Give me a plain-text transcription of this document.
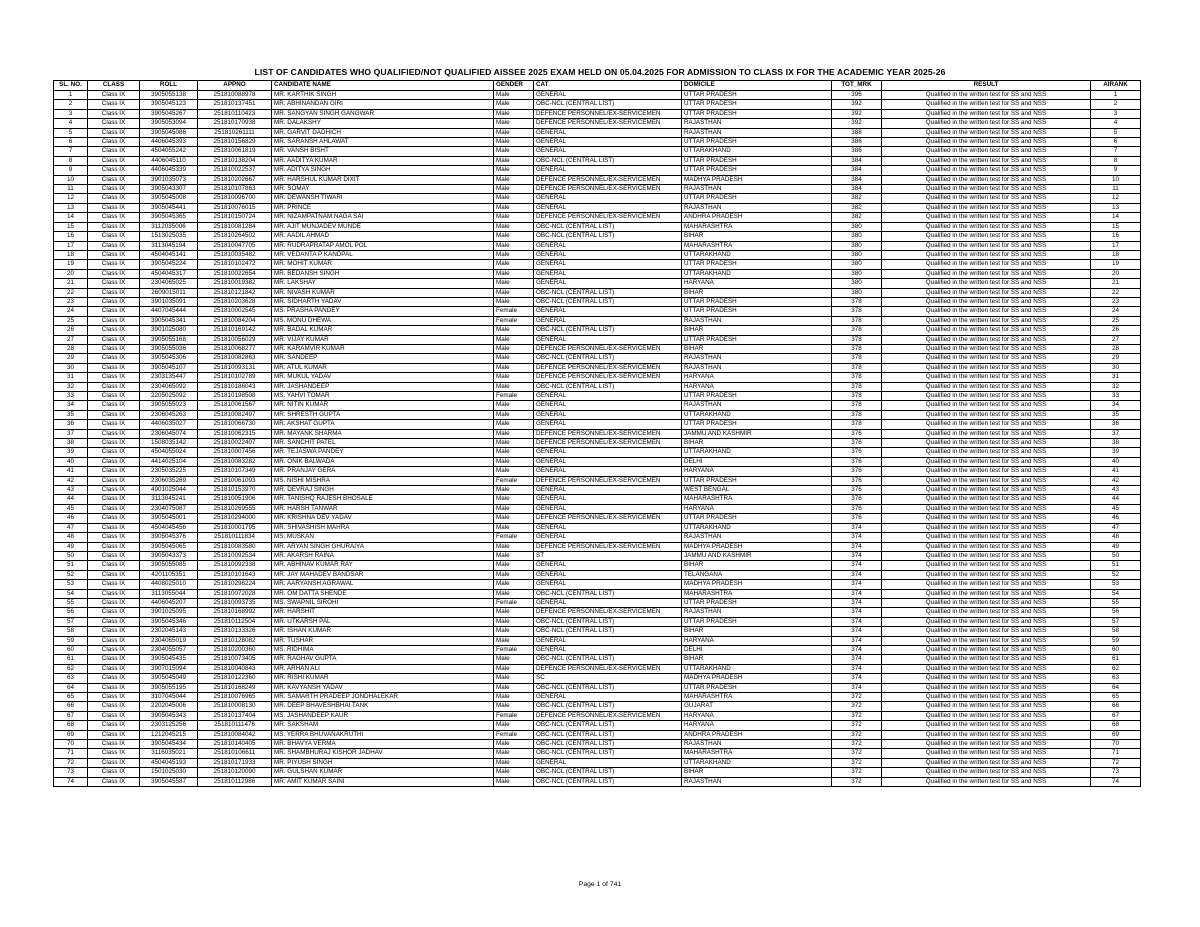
LIST OF CANDIDATES WHO QUALIFIED/NOT QUALIFIED AISSEE 2025 EXAM HELD ON 05.04.2025 FOR ADMISSION TO CLASS IX FOR THE ACADEMIC YEAR 2025-26
SL. NO.	CLASS	ROLL	APPNO	CANDIDATE NAME	GENDER	CAT	DOMICILE	TOT_MRK	RESULT	AIRANK
1	Class IX	3905055138	251810088978	MR. KARTHIK SINGH	Male	GENERAL	UTTAR PRADESH	396	Qualified in the written test for SS and NSS	1
2	Class IX	3905045123	251810137451	MR. ABHINANDAN GIRI	Male	OBC-NCL (CENTRAL LIST)	UTTAR PRADESH	392	Qualified in the written test for SS and NSS	2
3	Class IX	3905045267	251810110423	MR. SANGYAN SINGH GANGWAR	Male	DEFENCE PERSONNEL/EX-SERVICEMEN	UTTAR PRADESH	392	Qualified in the written test for SS and NSS	3
4	Class IX	3905053094	251810170938	MR. DALAKSHY	Male	DEFENCE PERSONNEL/EX-SERVICEMEN	RAJASTHAN	392	Qualified in the written test for SS and NSS	4
5	Class IX	3905045086	251810261111	MR. GARVIT DADHICH	Male	GENERAL	RAJASTHAN	388	Qualified in the written test for SS and NSS	5
6	Class IX	4406045393	251810156829	MR. SARANSH AHLAWAT	Male	GENERAL	UTTAR PRADESH	386	Qualified in the written test for SS and NSS	6
7	Class IX	4504055242	251810061819	MR. VANSH BISHT	Male	GENERAL	UTTARAKHAND	386	Qualified in the written test for SS and NSS	7
8	Class IX	4406045110	251810138204	MR. AADITYA KUMAR	Male	OBC-NCL (CENTRAL LIST)	UTTAR PRADESH	384	Qualified in the written test for SS and NSS	8
9	Class IX	4406045339	251810022537	MR. ADITYA SINGH	Male	GENERAL	UTTAR PRADESH	384	Qualified in the written test for SS and NSS	9
10	Class IX	3901035073	251810202667	MR. HARSHUL KUMAR DIXIT	Male	DEFENCE PERSONNEL/EX-SERVICEMEN	MADHYA PRADESH	384	Qualified in the written test for SS and NSS	10
11	Class IX	3905043307	251810107863	MR. SOMAY	Male	DEFENCE PERSONNEL/EX-SERVICEMEN	RAJASTHAN	384	Qualified in the written test for SS and NSS	11
12	Class IX	3905045008	251810096700	MR. DEWANSH TIWARI	Male	GENERAL	UTTAR PRADESH	382	Qualified in the written test for SS and NSS	12
13	Class IX	3905045441	251810076015	MR. PRINCE	Male	GENERAL	RAJASTHAN	382	Qualified in the written test for SS and NSS	13
14	Class IX	3905045365	251810150724	MR. NIZAMPATNAM NAGA SAI	Male	DEFENCE PERSONNEL/EX-SERVICEMEN	ANDHRA PRADESH	382	Qualified in the written test for SS and NSS	14
15	Class IX	3112035006	251810081284	MR. AJIT MUNJADEV MUNDE	Male	OBC-NCL (CENTRAL LIST)	MAHARASHTRA	380	Qualified in the written test for SS and NSS	15
16	Class IX	1513025035	251810264502	MR. AADIL AHMAD	Male	OBC-NCL (CENTRAL LIST)	BIHAR	380	Qualified in the written test for SS and NSS	16
17	Class IX	3113045194	251810047705	MR. RUDRAPRATAP AMOL POL	Male	GENERAL	MAHARASHTRA	380	Qualified in the written test for SS and NSS	17
18	Class IX	4504045141	251810035482	MR. VEDANTA P KANDPAL	Male	GENERAL	UTTARAKHAND	380	Qualified in the written test for SS and NSS	18
19	Class IX	3905045224	251810102472	MR. MOHIT KUMAR	Male	GENERAL	UTTAR PRADESH	380	Qualified in the written test for SS and NSS	19
20	Class IX	4504045317	251810022654	MR. BEDANSH SINGH	Male	GENERAL	UTTARAKHAND	380	Qualified in the written test for SS and NSS	20
21	Class IX	2304065025	251810019382	MR. LAKSHAY	Male	GENERAL	HARYANA	380	Qualified in the written test for SS and NSS	21
22	Class IX	2609015011	251810121842	MR. NIVASH KUMAR	Male	OBC-NCL (CENTRAL LIST)	BIHAR	380	Qualified in the written test for SS and NSS	22
23	Class IX	3901035091	251810203628	MR. SIDHARTH YADAV	Male	OBC-NCL (CENTRAL LIST)	UTTAR PRADESH	378	Qualified in the written test for SS and NSS	23
24	Class IX	4407045444	251810002545	MS. PRASHA PANDEY	Female	GENERAL	UTTAR PRADESH	378	Qualified in the written test for SS and NSS	24
25	Class IX	3905045341	251810084204	MS. MONU DHEWA	Female	GENERAL	RAJASTHAN	378	Qualified in the written test for SS and NSS	25
26	Class IX	3901025080	251810169142	MR. BADAL KUMAR	Male	OBC-NCL (CENTRAL LIST)	BIHAR	378	Qualified in the written test for SS and NSS	26
27	Class IX	3905055168	251810056029	MR. VIJAY KUMAR	Male	GENERAL	UTTAR PRADESH	378	Qualified in the written test for SS and NSS	27
28	Class IX	3905055036	251810068277	MR. KARAMVIR KUMAR	Male	DEFENCE PERSONNEL/EX-SERVICEMEN	BIHAR	378	Qualified in the written test for SS and NSS	28
29	Class IX	3905045306	251810082863	MR. SANDEEP	Male	OBC-NCL (CENTRAL LIST)	RAJASTHAN	378	Qualified in the written test for SS and NSS	29
30	Class IX	3905045107	251810093131	MR. ATUL KUMAR	Male	DEFENCE PERSONNEL/EX-SERVICEMEN	RAJASTHAN	378	Qualified in the written test for SS and NSS	30
31	Class IX	2303135447	251810102789	MR. MUKUL YADAV	Male	DEFENCE PERSONNEL/EX-SERVICEMEN	HARYANA	378	Qualified in the written test for SS and NSS	31
32	Class IX	2304065092	251810186043	MR. JASHANDEEP	Male	OBC-NCL (CENTRAL LIST)	HARYANA	378	Qualified in the written test for SS and NSS	32
33	Class IX	2205025092	251810198508	MS. YAHVI TOMAR	Female	GENERAL	UTTAR PRADESH	378	Qualified in the written test for SS and NSS	33
34	Class IX	3905055023	251810061567	MR. NITIN KUMAR	Male	GENERAL	RAJASTHAN	378	Qualified in the written test for SS and NSS	34
35	Class IX	2306045263	251810082497	MR. SHRESTH GUPTA	Male	GENERAL	UTTARAKHAND	378	Qualified in the written test for SS and NSS	35
36	Class IX	4406035027	251810066730	MR. AKSHAT GUPTA	Male	GENERAL	UTTAR PRADESH	378	Qualified in the written test for SS and NSS	36
37	Class IX	2306045074	251810062315	MR. MAYANK SHARMA	Male	DEFENCE PERSONNEL/EX-SERVICEMEN	JAMMU AND KASHMIR	376	Qualified in the written test for SS and NSS	37
38	Class IX	1508035142	251810022407	MR. SANCHIT PATEL	Male	DEFENCE PERSONNEL/EX-SERVICEMEN	BIHAR	376	Qualified in the written test for SS and NSS	38
39	Class IX	4504055024	251810007456	MR. TEJASWA PANDEY	Male	GENERAL	UTTARAKHAND	376	Qualified in the written test for SS and NSS	39
40	Class IX	4414025104	251810083282	MR. ONIK BALWADA	Male	GENERAL	DELHI	376	Qualified in the written test for SS and NSS	40
41	Class IX	2305035225	251810107349	MR. PRANJAY GERA	Male	GENERAL	HARYANA	376	Qualified in the written test for SS and NSS	41
42	Class IX	2306035269	251810061093	MS. NISHI MISHRA	Female	DEFENCE PERSONNEL/EX-SERVICEMEN	UTTAR PRADESH	376	Qualified in the written test for SS and NSS	42
43	Class IX	4901025044	251810153970	MR. DEVRAJ SINGH	Male	GENERAL	WEST BENGAL	376	Qualified in the written test for SS and NSS	43
44	Class IX	3113045241	251810051906	MR. TANISHQ RAJESH BHOSALE	Male	GENERAL	MAHARASHTRA	376	Qualified in the written test for SS and NSS	44
45	Class IX	2304075087	251810269555	MR. HARSH TANWAR	Male	GENERAL	HARYANA	376	Qualified in the written test for SS and NSS	45
46	Class IX	3905045001	251810294000	MR. KRISHNA DEV YADAV	Male	DEFENCE PERSONNEL/EX-SERVICEMEN	UTTAR PRADESH	376	Qualified in the written test for SS and NSS	46
47	Class IX	4504045456	251810001795	MR. SHIVASHISH MAHRA	Male	GENERAL	UTTARAKHAND	374	Qualified in the written test for SS and NSS	47
48	Class IX	3905045376	251810111834	MS. MUSKAN	Female	GENERAL	RAJASTHAN	374	Qualified in the written test for SS and NSS	48
49	Class IX	3905045065	251810083580	MR. ARYAN SINGH GHURAIYA	Male	DEFENCE PERSONNEL/EX-SERVICEMEN	MADHYA PRADESH	374	Qualified in the written test for SS and NSS	49
50	Class IX	3905043373	251810092534	MR. AKARSH RAINA	Male	ST	JAMMU AND KASHMIR	374	Qualified in the written test for SS and NSS	50
51	Class IX	3905055085	251810092338	MR. ABHINAV KUMAR RAY	Male	GENERAL	BIHAR	374	Qualified in the written test for SS and NSS	51
52	Class IX	4201105351	251810101643	MR. JAY MAHADEV BANDSAR	Male	GENERAL	TELANGANA	374	Qualified in the written test for SS and NSS	52
53	Class IX	4408025010	251810296224	MR. AARYANSH AGRAWAL	Male	GENERAL	MADHYA PRADESH	374	Qualified in the written test for SS and NSS	53
54	Class IX	3113055044	251810072028	MR. OM DATTA SHENDE	Male	OBC-NCL (CENTRAL LIST)	MAHARASHTRA	374	Qualified in the written test for SS and NSS	54
55	Class IX	4406045207	251810093735	MS. SWAPNIL SIROHI	Female	GENERAL	UTTAR PRADESH	374	Qualified in the written test for SS and NSS	55
56	Class IX	3901025095	251810168992	MR. HARSHIT	Male	DEFENCE PERSONNEL/EX-SERVICEMEN	RAJASTHAN	374	Qualified in the written test for SS and NSS	56
57	Class IX	3905045346	251810112504	MR. UTKARSH PAL	Male	OBC-NCL (CENTRAL LIST)	UTTAR PRADESH	374	Qualified in the written test for SS and NSS	57
58	Class IX	2302045143	251810133326	MR. ISHAN KUMAR	Male	OBC-NCL (CENTRAL LIST)	BIHAR	374	Qualified in the written test for SS and NSS	58
59	Class IX	2304065019	251810128082	MR. TUSHAR	Male	GENERAL	HARYANA	374	Qualified in the written test for SS and NSS	59
60	Class IX	2304055057	251810200360	MS. RIDHIMA	Female	GENERAL	DELHI	374	Qualified in the written test for SS and NSS	60
61	Class IX	3905045435	251810073405	MR. RAGHAV GUPTA	Male	OBC-NCL (CENTRAL LIST)	BIHAR	374	Qualified in the written test for SS and NSS	61
62	Class IX	3907015094	251810040843	MR. ARHAN ALI	Male	DEFENCE PERSONNEL/EX-SERVICEMEN	UTTARAKHAND	374	Qualified in the written test for SS and NSS	62
63	Class IX	3905045049	251810122360	MR. RISHI KUMAR	Male	SC	MADHYA PRADESH	374	Qualified in the written test for SS and NSS	63
64	Class IX	3905055195	251810168249	MR. KAVYANSH YADAV	Male	OBC-NCL (CENTRAL LIST)	UTTAR PRADESH	374	Qualified in the written test for SS and NSS	64
65	Class IX	3107045044	251810076965	MR. SAMARTH PRADEEP JONDHALEKAR	Male	GENERAL	MAHARASHTRA	372	Qualified in the written test for SS and NSS	65
66	Class IX	2202045006	251810008130	MR. DEEP BHAVESHBHAI TANK	Male	OBC-NCL (CENTRAL LIST)	GUJARAT	372	Qualified in the written test for SS and NSS	66
67	Class IX	3905045343	251810137404	MS. JASHANDEEP KAUR	Female	DEFENCE PERSONNEL/EX-SERVICEMEN	HARYANA	372	Qualified in the written test for SS and NSS	67
68	Class IX	2303125256	251810111476	MR. SAKSHAM	Male	OBC-NCL (CENTRAL LIST)	HARYANA	372	Qualified in the written test for SS and NSS	68
69	Class IX	1212045215	251810084042	MS. YERRA BHUVANAKRUTHI	Female	OBC-NCL (CENTRAL LIST)	ANDHRA PRADESH	372	Qualified in the written test for SS and NSS	69
70	Class IX	3905045434	251810140405	MR. BHAVYA VERMA	Male	OBC-NCL (CENTRAL LIST)	RAJASTHAN	372	Qualified in the written test for SS and NSS	70
71	Class IX	3116035021	251810106611	MR. SHAMBHURAJ KISHOR JADHAV	Male	OBC-NCL (CENTRAL LIST)	MAHARASHTRA	372	Qualified in the written test for SS and NSS	71
72	Class IX	4504045193	251810171933	MR. PIYUSH SINGH	Male	GENERAL	UTTARAKHAND	372	Qualified in the written test for SS and NSS	72
73	Class IX	1501025030	251810120090	MR. GULSHAN KUMAR	Male	OBC-NCL (CENTRAL LIST)	BIHAR	372	Qualified in the written test for SS and NSS	73
74	Class IX	3905045587	251810112986	MR. AMIT KUMAR SAINI	Male	OBC-NCL (CENTRAL LIST)	RAJASTHAN	372	Qualified in the written test for SS and NSS	74
Page 1 of 741
